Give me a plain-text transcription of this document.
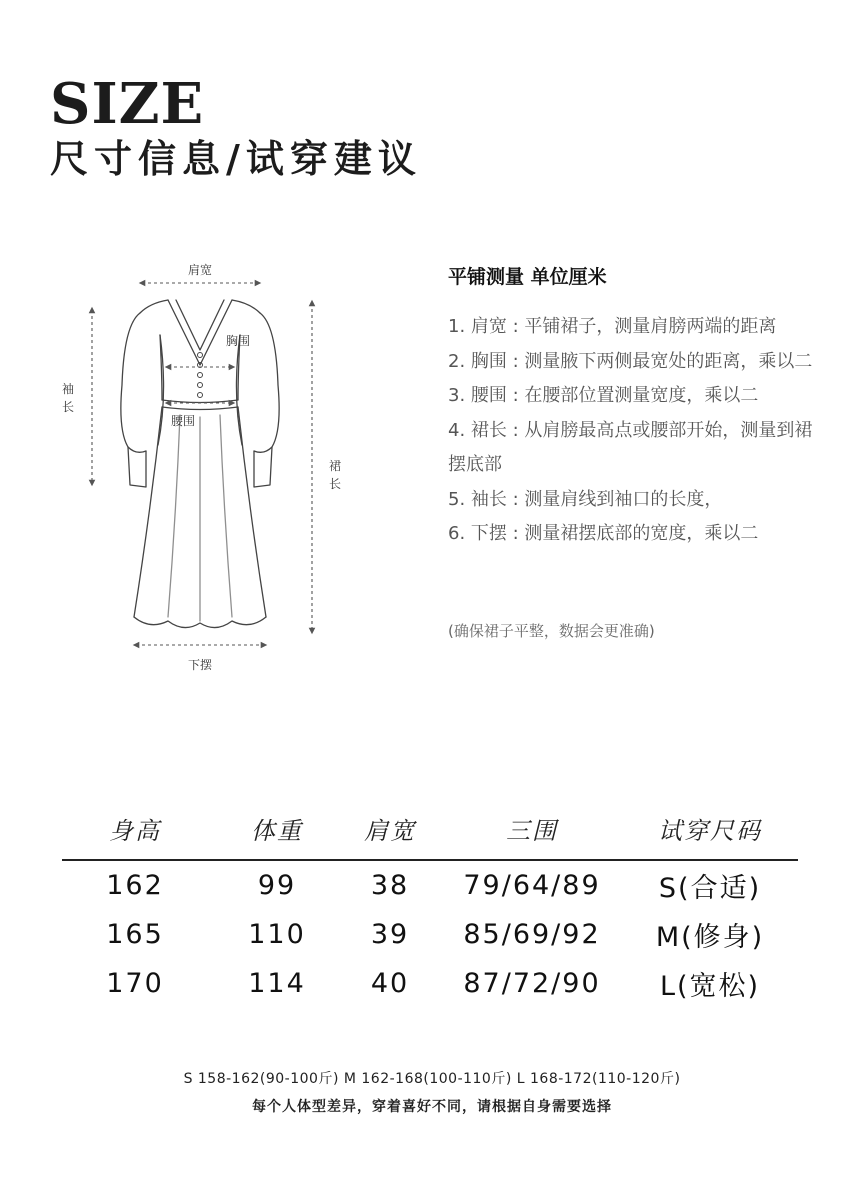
SIZE
尺寸信息/试穿建议
肩宽
胸围
腰围
袖
长
裙
长
下摆
平铺测量 单位厘米
1. 肩宽 : 平铺裙子，测量肩膀两端的距离
2. 胸围 : 测量腋下两侧最宽处的距离，乘以二
3. 腰围 : 在腰部位置测量宽度，乘以二
4. 裙长 : 从肩膀最高点或腰部开始，测量到裙摆底部
5. 袖长 : 测量肩线到袖口的长度，
6. 下摆 : 测量裙摆底部的宽度，乘以二
(确保裙子平整，数据会更准确)
身高	体重	肩宽	三围	试穿尺码
162	99	38	79/64/89	S(合适)
165	110	39	85/69/92	M(修身)
170	114	40	87/72/90	L(宽松)
S 158-162(90-100斤) M 162-168(100-110斤) L 168-172(110-120斤)
每个人体型差异，穿着喜好不同，请根据自身需要选择
